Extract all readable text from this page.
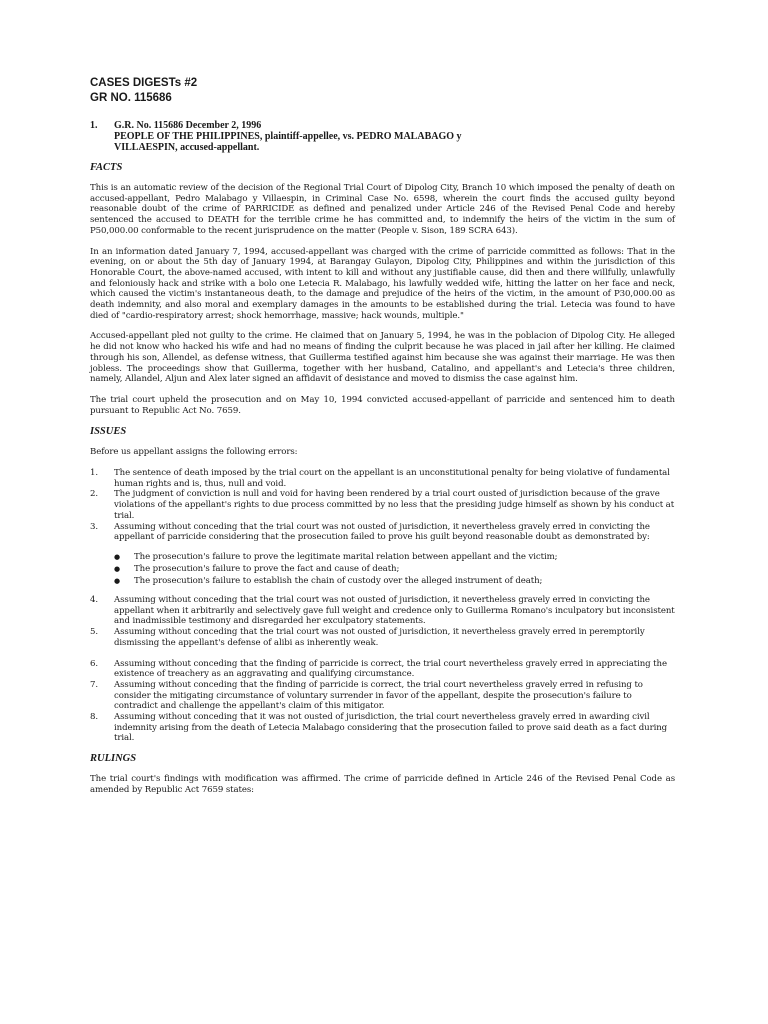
CASES DIGESTs #2
GR NO. 115686
1.	G.R. No. 115686 December 2, 1996
PEOPLE OF THE PHILIPPINES, plaintiff-appellee, vs. PEDRO MALABAGO y
VILLAESPIN, accused-appellant.
FACTS

This is an automatic review of the decision of the Regional Trial Court of Dipolog City, Branch 10 which imposed the penalty of death on accused-appellant, Pedro Malabago y Villaespin, in Criminal Case No. 6598, wherein the court finds the accused guilty beyond reasonable doubt of the crime of PARRICIDE as defined and penalized under Article 246 of the Revised Penal Code and hereby sentenced the accused to DEATH for the terrible crime he has committed and, to indemnify the heirs of the victim in the sum of P50,000.00 conformable to the recent jurisprudence on the matter (People v. Sison, 189 SCRA 643).

In an information dated January 7, 1994, accused-appellant was charged with the crime of parricide committed as follows: That in the evening, on or about the 5th day of January 1994, at Barangay Gulayon, Dipolog City, Philippines and within the jurisdiction of this Honorable Court, the above-named accused, with intent to kill and without any justifiable cause, did then and there willfully, unlawfully and feloniously hack and strike with a bolo one Letecia R. Malabago, his lawfully wedded wife, hitting the latter on her face and neck, which caused the victim's instantaneous death, to the damage and prejudice of the heirs of the victim, in the amount of P30,000.00 as death indemnity, and also moral and exemplary damages in the amounts to be established during the trial. Letecia was found to have died of "cardio-respiratory arrest; shock hemorrhage, massive; hack wounds, multiple."

Accused-appellant pled not guilty to the crime. He claimed that on January 5, 1994, he was in the poblacion of Dipolog City. He alleged he did not know who hacked his wife and had no means of finding the culprit because he was placed in jail after her killing. He claimed through his son, Allendel, as defense witness, that Guillerma testified against him because she was against their marriage. He was then jobless. The proceedings show that Guillerma, together with her husband, Catalino, and appellant's and Letecia's three children, namely, Allandel, Aljun and Alex later signed an affidavit of desistance and moved to dismiss the case against him.

The trial court upheld the prosecution and on May 10, 1994 convicted accused-appellant of parricide and sentenced him to death pursuant to Republic Act No. 7659.

ISSUES

Before us appellant assigns the following errors:

1.	The sentence of death imposed by the trial court on the appellant is an unconstitutional penalty for being violative of fundamental human rights and is, thus, null and void.
2.	The judgment of conviction is null and void for having been rendered by a trial court ousted of jurisdiction because of the grave violations of the appellant's rights to due process committed by no less that the presiding judge himself as shown by his conduct at trial.
3.	Assuming without conceding that the trial court was not ousted of jurisdiction, it nevertheless gravely erred in convicting the appellant of parricide considering that the prosecution failed to prove his guilt beyond reasonable doubt as demonstrated by:
●	The prosecution's failure to prove the legitimate marital relation between appellant and the victim;
●	The prosecution's failure to prove the fact and cause of death;
●	The prosecution's failure to establish the chain of custody over the alleged instrument of death;
4.	Assuming without conceding that the trial court was not ousted of jurisdiction, it nevertheless gravely erred in convicting the appellant when it arbitrarily and selectively gave full weight and credence only to Guillerma Romano's inculpatory but inconsistent and inadmissible testimony and disregarded her exculpatory statements.
5.	Assuming without conceding that the trial court was not ousted of jurisdiction, it nevertheless gravely erred in peremptorily dismissing the appellant's defense of alibi as inherently weak.
6.	Assuming without conceding that the finding of parricide is correct, the trial court nevertheless gravely erred in appreciating the existence of treachery as an aggravating and qualifying circumstance.
7.	Assuming without conceding that the finding of parricide is correct, the trial court nevertheless gravely erred in refusing to consider the mitigating circumstance of voluntary surrender in favor of the appellant, despite the prosecution's failure to contradict and challenge the appellant's claim of this mitigator.
8.	Assuming without conceding that it was not ousted of jurisdiction, the trial court nevertheless gravely erred in awarding civil indemnity arising from the death of Letecia Malabago considering that the prosecution failed to prove said death as a fact during trial.
RULINGS

The trial court's findings with modification was affirmed. The crime of parricide defined in Article 246 of the Revised Penal Code as amended by Republic Act 7659 states:
